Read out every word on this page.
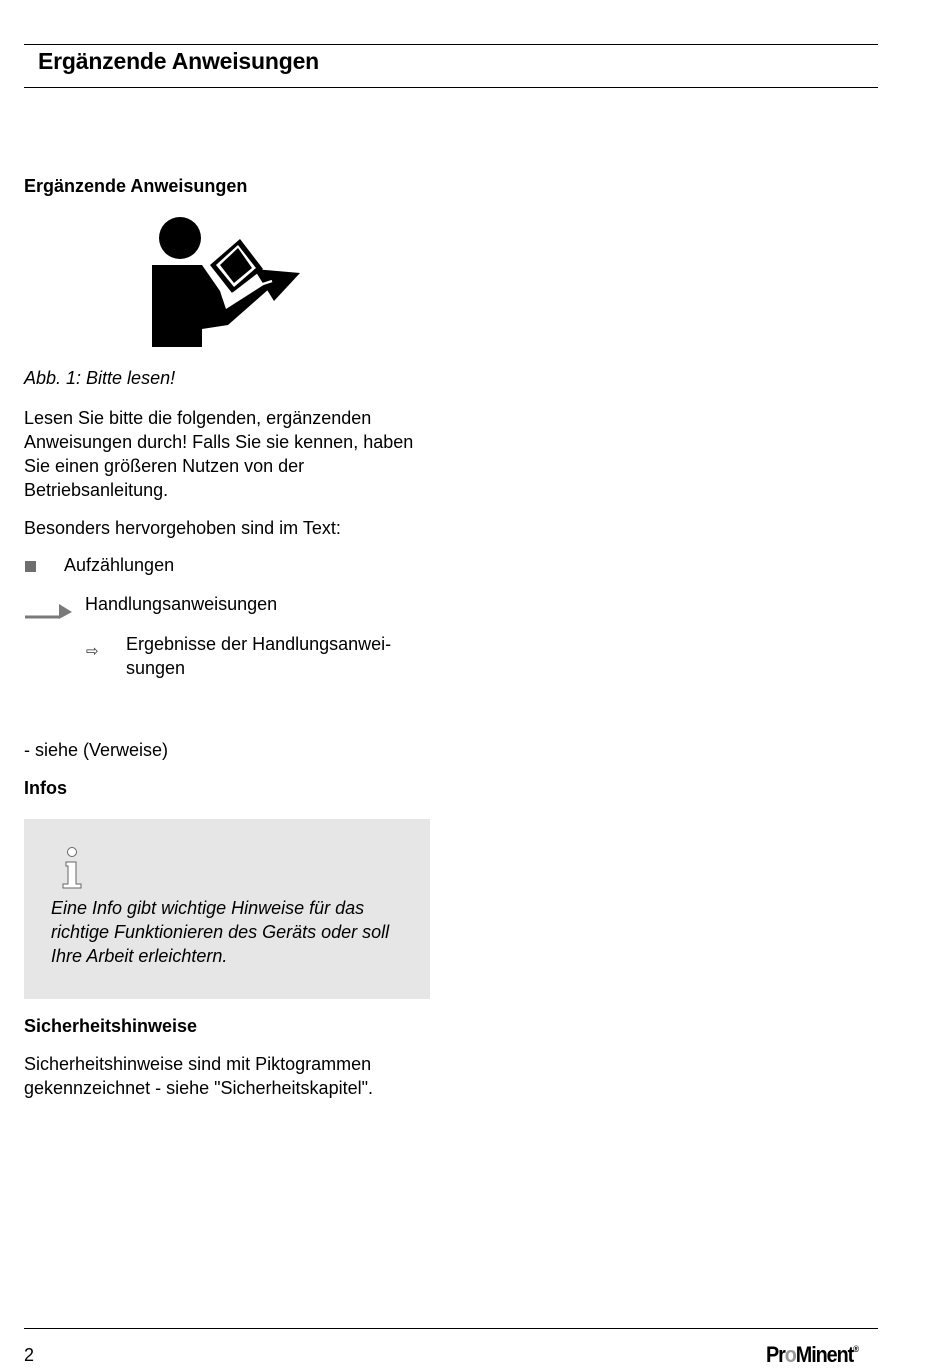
Ergänzende Anweisungen
Ergänzende Anweisungen
Abb. 1: Bitte lesen!
Lesen Sie bitte die folgenden, ergänzenden Anweisungen durch! Falls Sie sie kennen, haben Sie einen größeren Nutzen von der Betriebsanleitung.
Besonders hervorgehoben sind im Text:
Aufzählungen
Handlungsanweisungen
⇨ Ergebnisse der Handlungsanwei-sungen
- siehe (Verweise)
Infos
Eine Info gibt wichtige Hinweise für das richtige Funktionieren des Geräts oder soll Ihre Arbeit erleichtern.
Sicherheitshinweise
Sicherheitshinweise sind mit Piktogrammen gekennzeichnet - siehe "Sicherheitskapitel".
2	ProMinent®
